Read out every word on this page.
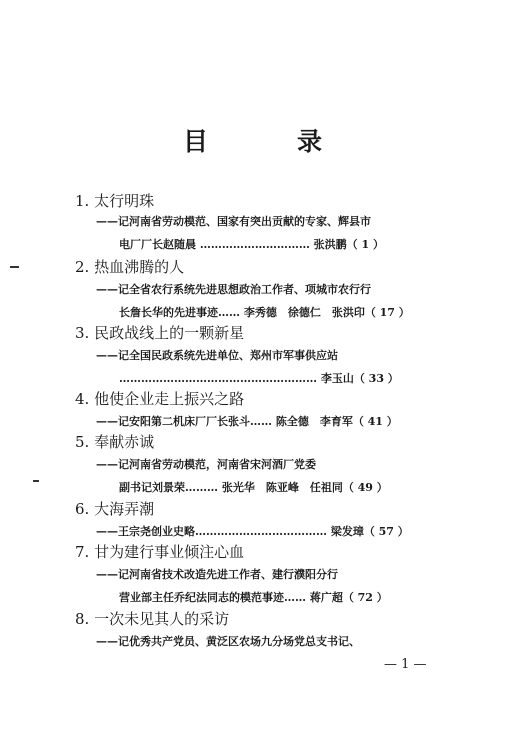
目　录
1. 太行明珠
——记河南省劳动模范、国家有突出贡献的专家、辉县市
电厂厂长赵随晨 ………………………… 张洪鹏（ 1 ）
2. 热血沸腾的人
——记全省农行系统先进思想政治工作者、项城市农行行
长詹长华的先进事迹…… 李秀德　徐德仁　张洪印（ 17 ）
3. 民政战线上的一颗新星
——记全国民政系统先进单位、郑州市军事供应站
……………………………………………… 李玉山（ 33 ）
4. 他使企业走上振兴之路
——记安阳第二机床厂厂长张斗…… 陈全德　李育军（ 41 ）
5. 奉献赤诚
——记河南省劳动模范，河南省宋河酒厂党委
副书记刘景荣……… 张光华　陈亚峰　任祖同（ 49 ）
6. 大海弄潮
——王宗尧创业史略……………………………… 梁发璋（ 57 ）
7. 甘为建行事业倾注心血
——记河南省技术改造先进工作者、建行濮阳分行
营业部主任乔纪法同志的模范事迹…… 蒋广超（ 72 ）
8. 一次未见其人的采访
——记优秀共产党员、黄泛区农场九分场党总支书记、
— 1 —
